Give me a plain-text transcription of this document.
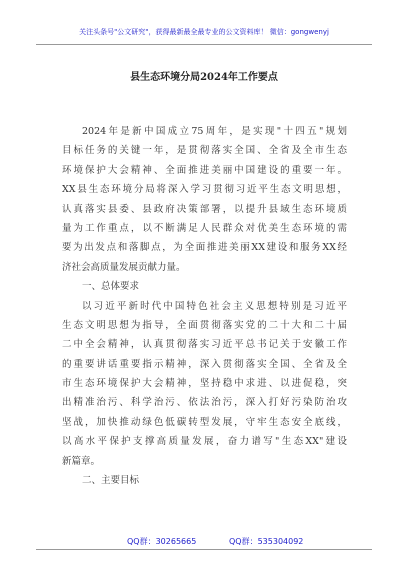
关注头条号"公文研究"，获得最新最全最专业的公文资料库！ 微信：gongwenyj
县生态环境分局2024年工作要点
2024年是新中国成立75周年，是实现"十四五"规划
目标任务的关键一年，是贯彻落实全国、全省及全市生态
环境保护大会精神、全面推进美丽中国建设的重要一年。
XX县生态环境分局将深入学习贯彻习近平生态文明思想，
认真落实县委、县政府决策部署，以提升县域生态环境质
量为工作重点，以不断满足人民群众对优美生态环境的需
要为出发点和落脚点，为全面推进美丽XX建设和服务XX经
济社会高质量发展贡献力量。
一、总体要求
以习近平新时代中国特色社会主义思想特别是习近平
生态文明思想为指导，全面贯彻落实党的二十大和二十届
二中全会精神，认真贯彻落实习近平总书记关于安徽工作
的重要讲话重要指示精神，深入贯彻落实全国、全省及全
市生态环境保护大会精神，坚持稳中求进、以进促稳，突
出精准治污、科学治污、依法治污，深入打好污染防治攻
坚战，加快推动绿色低碳转型发展，守牢生态安全底线，
以高水平保护支撑高质量发展，奋力谱写"生态XX"建设
新篇章。
二、主要目标
QQ群：30265665	QQ群：535304092
